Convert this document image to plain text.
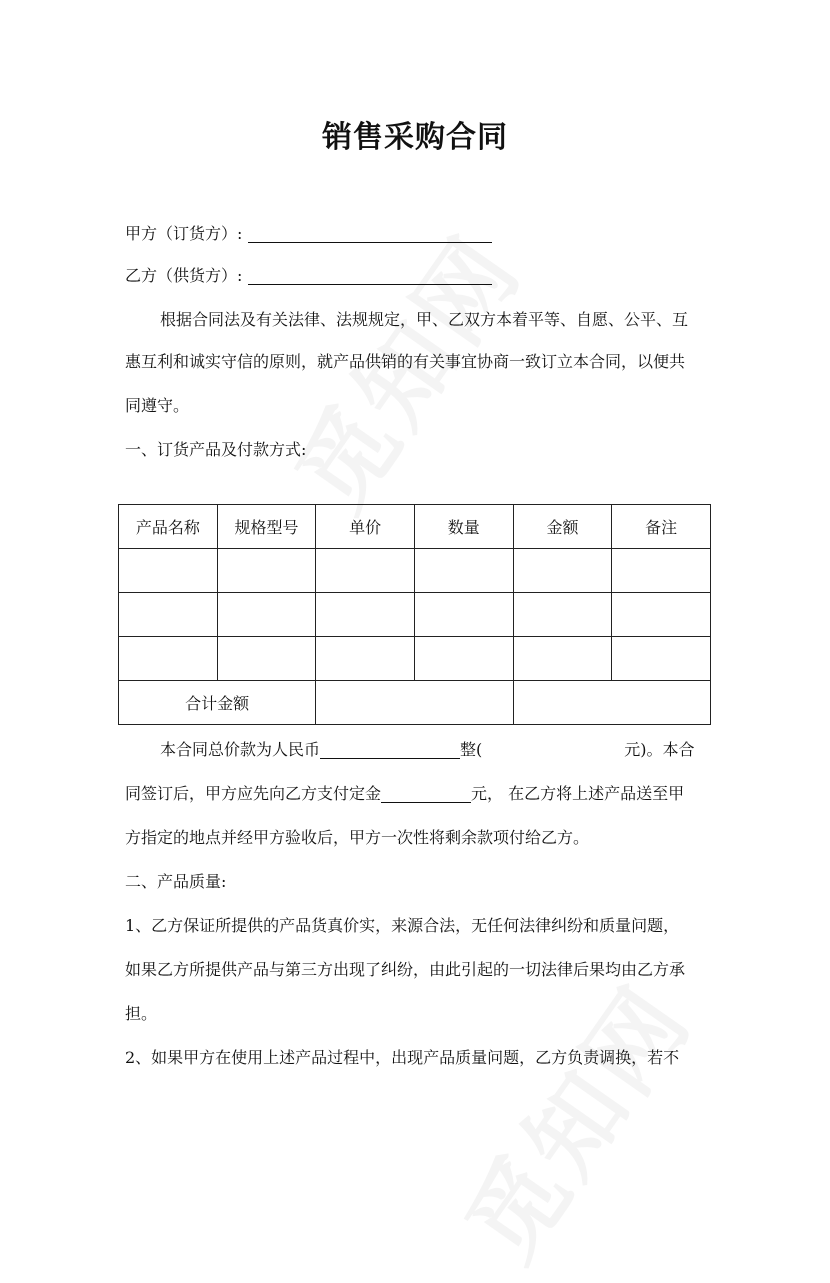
销售采购合同
甲方（订货方）:
乙方（供货方）:
根据合同法及有关法律、法规规定，甲、乙双方本着平等、自愿、公平、互
惠互利和诚实守信的原则，就产品供销的有关事宜协商一致订立本合同，以便共
同遵守。
一、订货产品及付款方式:
产品名称	规格型号	单价	数量	金额	备注

合计金额					
本合同总价款为人民币	整(	元)。本合
同签订后，甲方应先向乙方支付定金	元， 在乙方将上述产品送至甲
方指定的地点并经甲方验收后，甲方一次性将剩余款项付给乙方。
二、产品质量:
1、乙方保证所提供的产品货真价实，来源合法，无任何法律纠纷和质量问题，
如果乙方所提供产品与第三方出现了纠纷，由此引起的一切法律后果均由乙方承
担。
2、如果甲方在使用上述产品过程中，出现产品质量问题，乙方负责调换，若不
